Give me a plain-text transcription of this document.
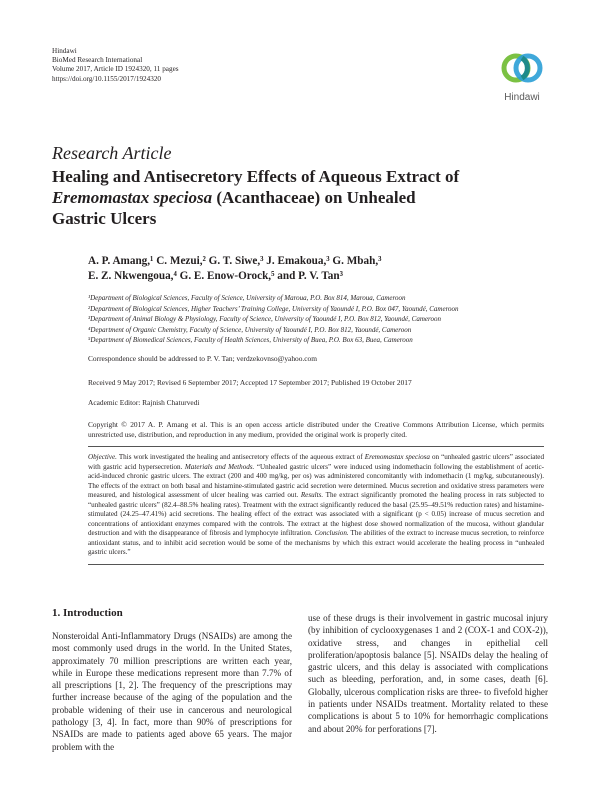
Hindawi
BioMed Research International
Volume 2017, Article ID 1924320, 11 pages
https://doi.org/10.1155/2017/1924320
Hindawi
Research Article
Healing and Antisecretory Effects of Aqueous Extract of Eremomastax speciosa (Acanthaceae) on Unhealed Gastric Ulcers
A. P. Amang,¹ C. Mezui,² G. T. Siwe,³ J. Emakoua,³ G. Mbah,³
E. Z. Nkwengoua,⁴ G. E. Enow-Orock,⁵ and P. V. Tan³
¹Department of Biological Sciences, Faculty of Science, University of Maroua, P.O. Box 814, Maroua, Cameroon
²Department of Biological Sciences, Higher Teachers’ Training College, University of Yaoundé I, P.O. Box 047, Yaoundé, Cameroon
³Department of Animal Biology & Physiology, Faculty of Science, University of Yaoundé I, P.O. Box 812, Yaoundé, Cameroon
⁴Department of Organic Chemistry, Faculty of Science, University of Yaoundé I, P.O. Box 812, Yaoundé, Cameroon
⁵Department of Biomedical Sciences, Faculty of Health Sciences, University of Buea, P.O. Box 63, Buea, Cameroon
Correspondence should be addressed to P. V. Tan; verdzekovnso@yahoo.com
Received 9 May 2017; Revised 6 September 2017; Accepted 17 September 2017; Published 19 October 2017
Academic Editor: Rajnish Chaturvedi
Copyright © 2017 A. P. Amang et al. This is an open access article distributed under the Creative Commons Attribution License, which permits unrestricted use, distribution, and reproduction in any medium, provided the original work is properly cited.
Objective. This work investigated the healing and antisecretory effects of the aqueous extract of Eremomastax speciosa on “unhealed gastric ulcers” associated with gastric acid hypersecretion. Materials and Methods. “Unhealed gastric ulcers” were induced using indomethacin following the establishment of acetic-acid-induced chronic gastric ulcers. The extract (200 and 400 mg/kg, per os) was administered concomitantly with indomethacin (1 mg/kg, subcutaneously). The effects of the extract on both basal and histamine-stimulated gastric acid secretion were determined. Mucus secretion and oxidative stress parameters were measured, and histological assessment of ulcer healing was carried out. Results. The extract significantly promoted the healing process in rats subjected to “unhealed gastric ulcers” (82.4–88.5% healing rates). Treatment with the extract significantly reduced the basal (25.95–49.51% reduction rates) and histamine-stimulated (24.25–47.41%) acid secretions. The healing effect of the extract was associated with a significant (p < 0.05) increase of mucus secretion and concentrations of antioxidant enzymes compared with the controls. The extract at the highest dose showed normalization of the mucosa, without glandular destruction and with the disappearance of fibrosis and lymphocyte infiltration. Conclusion. The abilities of the extract to increase mucus secretion, to reinforce antioxidant status, and to inhibit acid secretion would be some of the mechanisms by which this extract would accelerate the healing process in “unhealed gastric ulcers.”
1. Introduction
Nonsteroidal Anti-Inflammatory Drugs (NSAIDs) are among the most commonly used drugs in the world. In the United States, approximately 70 million prescriptions are written each year, while in Europe these medications represent more than 7.7% of all prescriptions [1, 2]. The frequency of the prescriptions may further increase because of the aging of the population and the probable widening of their use in cancerous and neurological pathology [3, 4]. In fact, more than 90% of prescriptions for NSAIDs are made to patients aged above 65 years. The major problem with the
use of these drugs is their involvement in gastric mucosal injury (by inhibition of cyclooxygenases 1 and 2 (COX-1 and COX-2)), oxidative stress, and changes in epithelial cell proliferation/apoptosis balance [5]. NSAIDs delay the healing of gastric ulcers, and this delay is associated with complications such as bleeding, perforation, and, in some cases, death [6]. Globally, ulcerous complication risks are three- to fivefold higher in patients under NSAIDs treatment. Mortality related to these complications is about 5 to 10% for hemorrhagic complications and about 20% for perforations [7].
